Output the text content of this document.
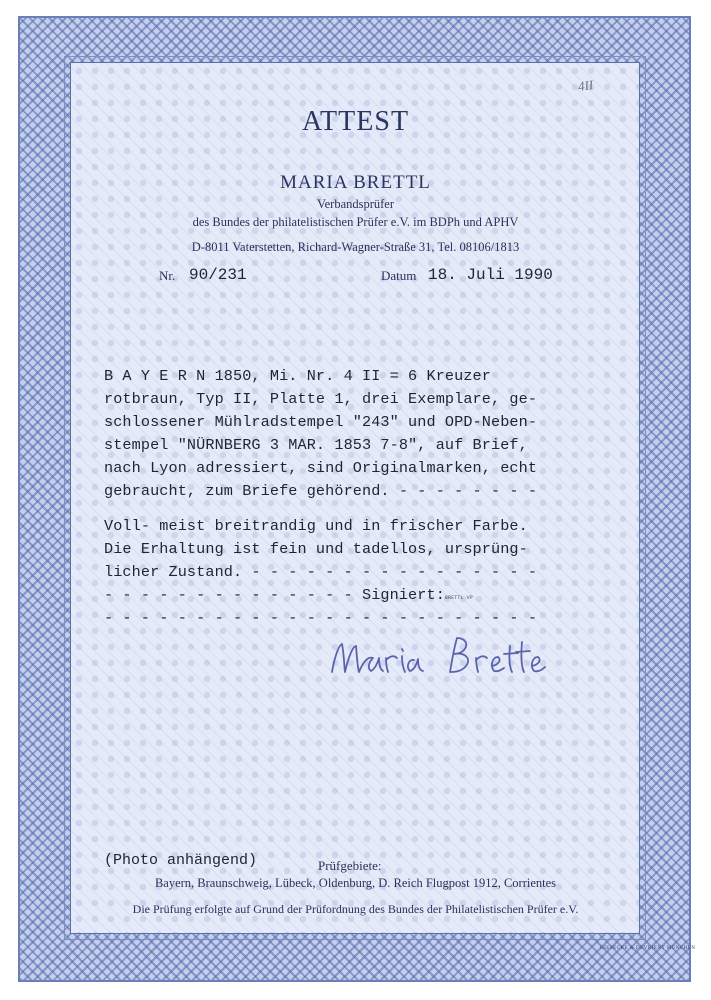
4II
ATTEST
MARIA BRETTL
Verbandsprüfer
des Bundes der philatelistischen Prüfer e.V. im BDPh und APHV
D-8011 Vaterstetten, Richard-Wagner-Straße 31, Tel. 08106/1813
Nr. 90/231	Datum 18. Juli 1990
B A Y E R N 1850, Mi. Nr. 4 II = 6 Kreuzer
rotbraun, Typ II, Platte 1, drei Exemplare, ge-
schlossener Mühlradstempel "243" und OPD-Neben-
stempel "NÜRNBERG 3 MAR. 1853 7-8", auf Brief,
nach Lyon adressiert, sind Originalmarken, echt
gebraucht, zum Briefe gehörend. - - - - - - - -
Voll- meist breitrandig und in frischer Farbe.
Die Erhaltung ist fein und tadellos, ursprüng-
licher Zustand. - - - - - - - - - - - - - - - -
- - - - - - - - - - - - - - Signiert:BRETTL VP
- - - - - - - - - - - - - - - - - - - - - - - -
Maria Brettl
(Photo anhängend)	Prüfgebiete:
Bayern, Braunschweig, Lübeck, Oldenburg, D. Reich Flugpost 1912, Corrientes
Die Prüfung erfolgte auf Grund der Prüfordnung des Bundes der Philatelistischen Prüfer e.V.
GIESECKE & DEVRIENT MÜNCHEN
